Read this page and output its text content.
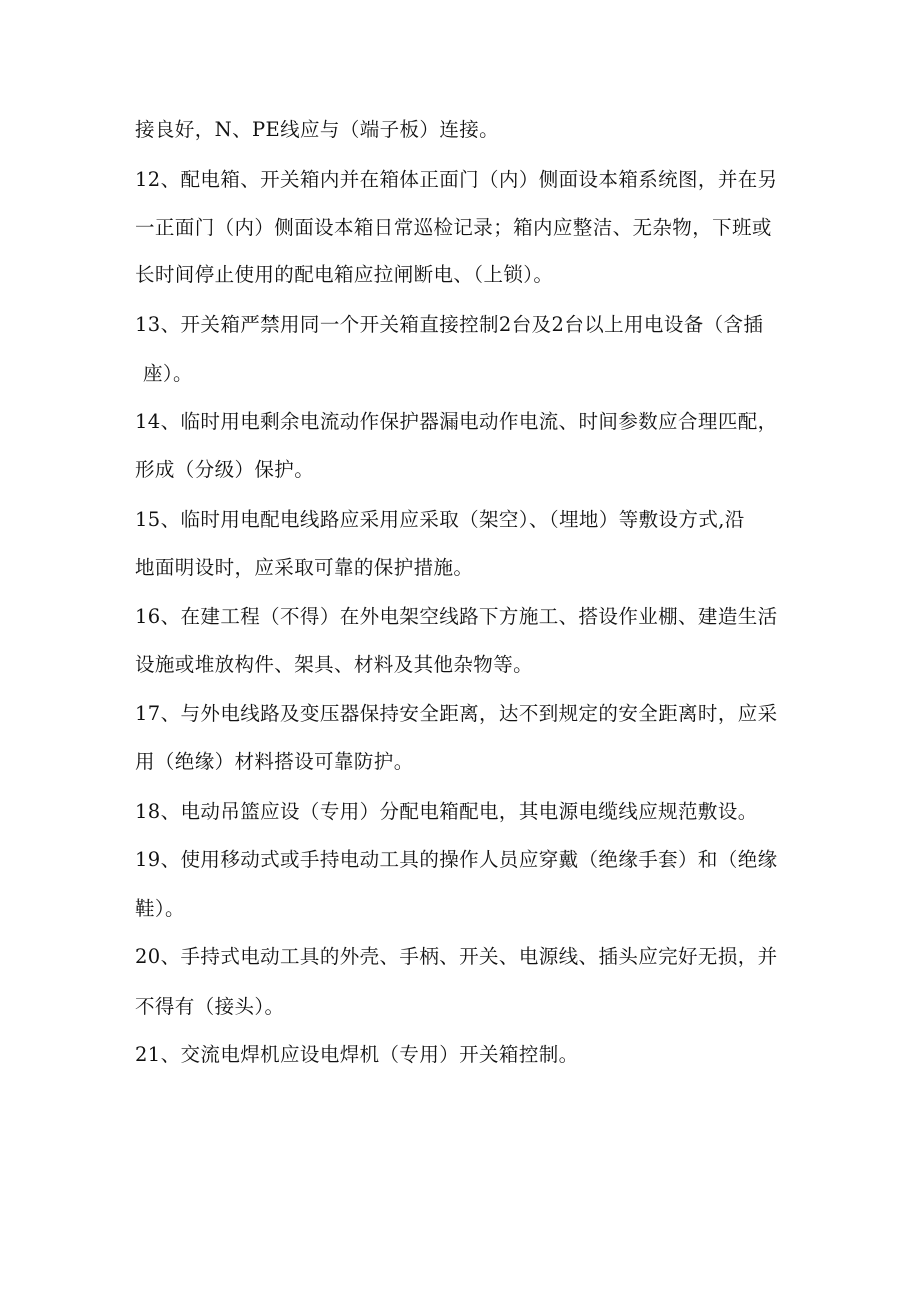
接良好，N、PE线应与（端子板）连接。
12、配电箱、开关箱内并在箱体正面门（内）侧面设本箱系统图，并在另
一正面门（内）侧面设本箱日常巡检记录；箱内应整洁、无杂物，下班或
长时间停止使用的配电箱应拉闸断电、（上锁）。
13、开关箱严禁用同一个开关箱直接控制2台及2台以上用电设备（含插
座）。
14、临时用电剩余电流动作保护器漏电动作电流、时间参数应合理匹配，
形成（分级）保护。
15、临时用电配电线路应采用应采取（架空）、（埋地）等敷设方式,沿
地面明设时，应采取可靠的保护措施。
16、在建工程（不得）在外电架空线路下方施工、搭设作业棚、建造生活
设施或堆放构件、架具、材料及其他杂物等。
17、与外电线路及变压器保持安全距离，达不到规定的安全距离时，应采
用（绝缘）材料搭设可靠防护。
18、电动吊篮应设（专用）分配电箱配电，其电源电缆线应规范敷设。
19、使用移动式或手持电动工具的操作人员应穿戴（绝缘手套）和（绝缘
鞋）。
20、手持式电动工具的外壳、手柄、开关、电源线、插头应完好无损，并
不得有（接头）。
21、交流电焊机应设电焊机（专用）开关箱控制。
